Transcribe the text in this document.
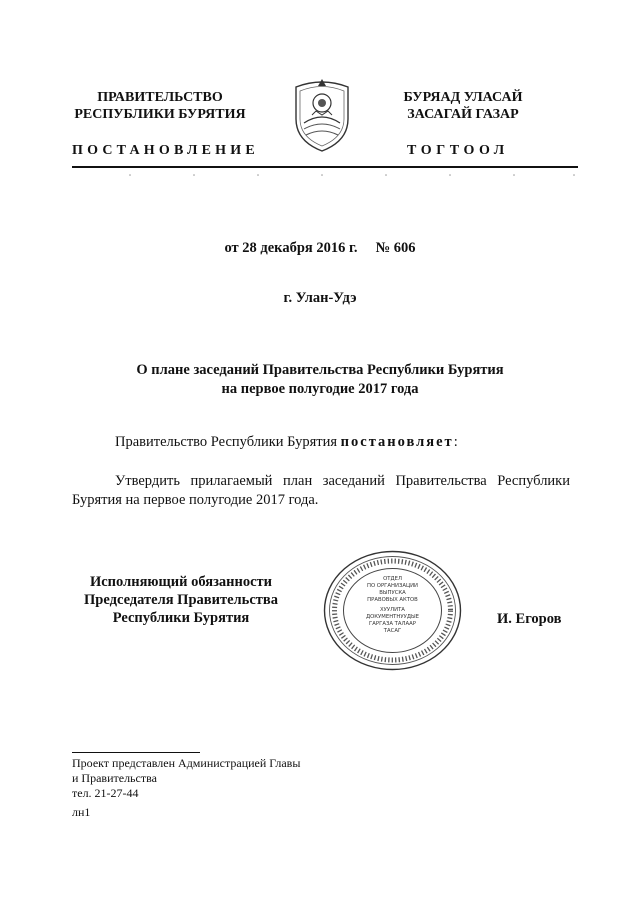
ПРАВИТЕЛЬСТВО
РЕСПУБЛИКИ БУРЯТИЯ
БУРЯАД УЛАСАЙ
ЗАСАГАЙ ГАЗАР
ПОСТАНОВЛЕНИЕ	ТОГТООЛ
от 28 декабря 2016 г. № 606
г. Улан-Удэ
О плане заседаний Правительства Республики Бурятия
на первое полугодие 2017 года
Правительство Республики Бурятия постановляет:
Утвердить прилагаемый план заседаний Правительства Республики Бурятия на первое полугодие 2017 года.
Исполняющий обязанности
Председателя Правительства
Республики Бурятия
ОТДЕЛ
ПО ОРГАНИЗАЦИИ
ВЫПУСКА
ПРАВОВЫХ АКТОВ
ХУУЛИТА
ДОКУМЕНТНУУДЫЕ
ГАРГАЗА ТАЛААР
ТАСАГ
И. Егоров
Проект представлен Администрацией Главы
и Правительства
тел. 21-27-44
лн1
